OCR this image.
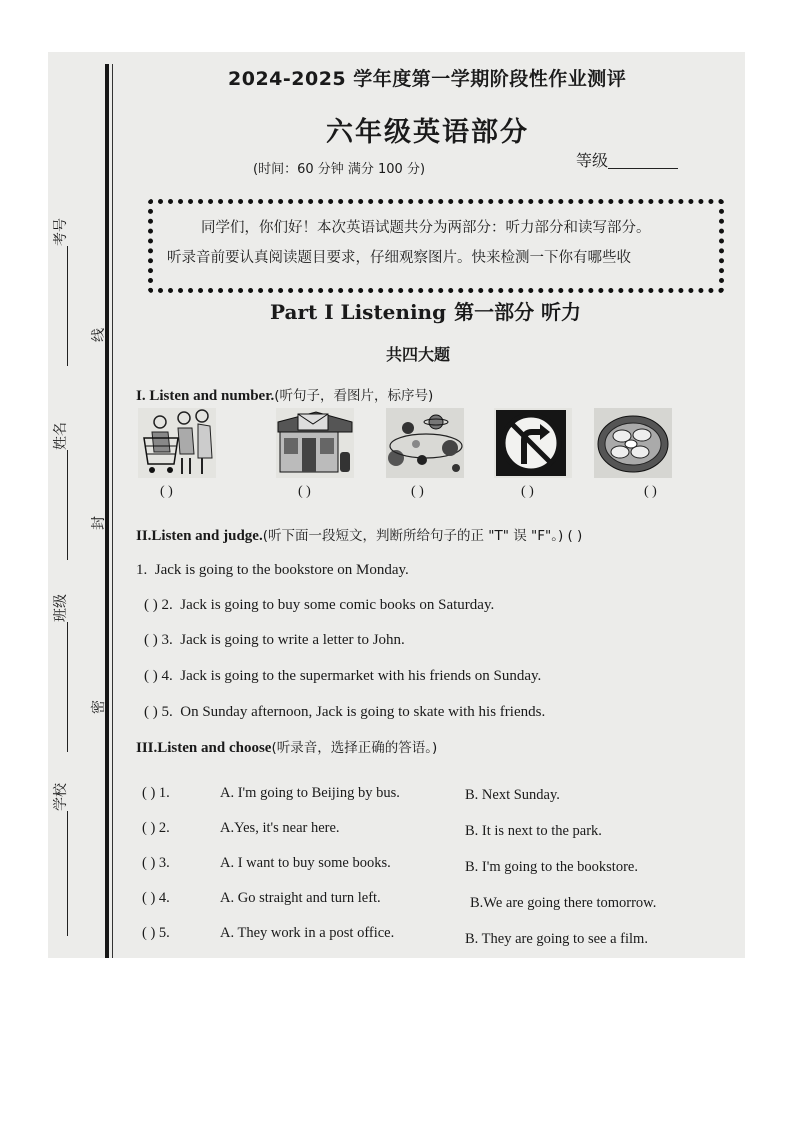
考号
姓名
班级
学校
线
封
密
2024-2025 学年度第一学期阶段性作业测评
六年级英语部分
(时间：60 分钟 满分 100 分)	等级

同学们，你们好！本次英语试题共分为两部分：听力部分和读写部分。

听录音前要认真阅读题目要求，仔细观察图片。快来检测一下你有哪些收

Part I Listening 第一部分 听力
共四大题
I. Listen and number.(听句子，看图片，标序号)
( )	( )	( )	( )	( )
II.Listen and judge.(听下面一段短文，判断所给句子的正 "T" 误 "F"。) ( )
1. Jack is going to the bookstore on Monday.
( ) 2. Jack is going to buy some comic books on Saturday.
( ) 3. Jack is going to write a letter to John.
( ) 4. Jack is going to the supermarket with his friends on Sunday.
( ) 5. On Sunday afternoon, Jack is going to skate with his friends.
III.Listen and choose(听录音，选择正确的答语。)
( ) 1.	A. I'm going to Beijing by bus.	B. Next Sunday.
( ) 2.	A.Yes, it's near here.	B. It is next to the park.
( ) 3.	A. I want to buy some books.	B. I'm going to the bookstore.
( ) 4.	A. Go straight and turn left.	B.We are going there tomorrow.
( ) 5.	A. They work in a post office.	B. They are going to see a film.
